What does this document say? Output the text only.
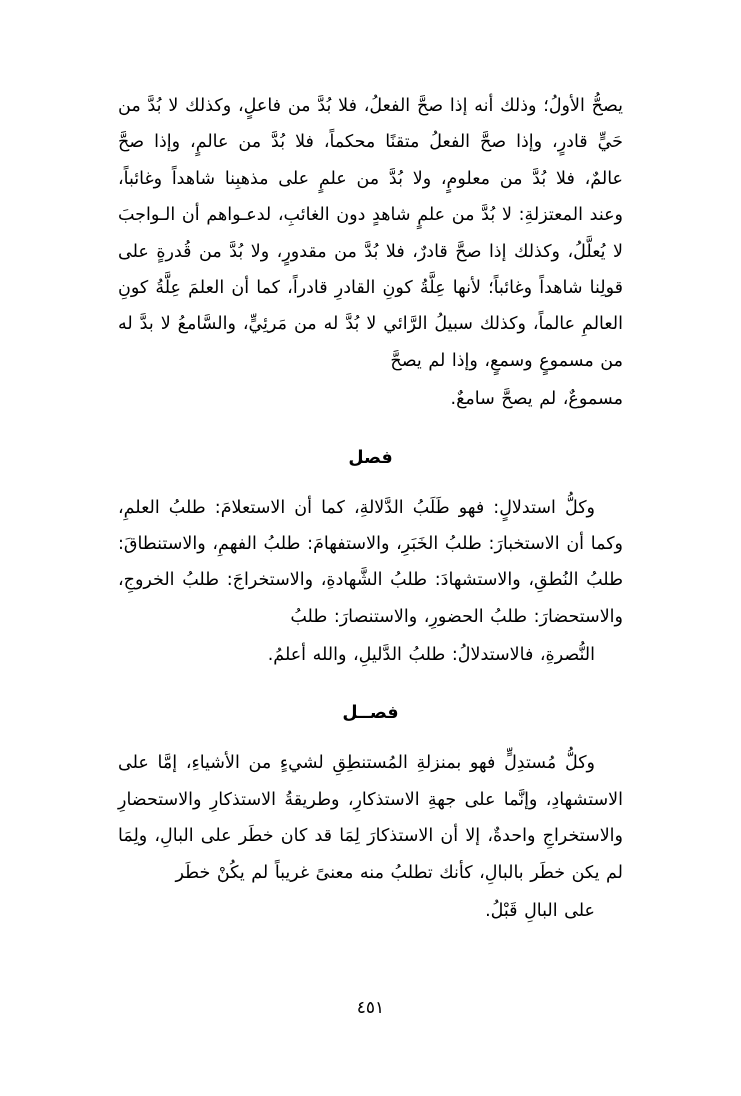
يصحُّ الأولُ؛ وذلك أنه إذا صحَّ الفعلُ، فلا بُدَّ من فاعلٍ، وكذلك لا بُدَّ من حَيٍّ قادرٍ، وإذا صحَّ الفعلُ متقنًا محكماً، فلا بُدَّ من عالمٍ، وإذا صحَّ عالمٌ، فلا بُدَّ من معلومٍ، ولا بُدَّ من علمٍ على مذهبِنا شاهداً وغائباً، وعند المعتزلةِ: لا بُدَّ من علمٍ شاهدٍ دون الغائبِ، لدعـواهم أن الـواجبَ لا يُعلَّلُ، وكذلك إذا صحَّ قادرٌ، فلا بُدَّ من مقدورٍ، ولا بُدَّ من قُدرةٍ على قولِنا شاهداً وغائباً؛ لأنها عِلَّةُ كونِ القادرِ قادراً، كما أن العلمَ عِلَّةُ كونِ العالمِ عالماً، وكذلك سبيلُ الرَّائي لا بُدَّ له من مَرئِيٍّ، والسَّامعُ لا بدَّ له من مسموعٍ وسمعٍ، وإذا لم يصحَّ
مسموعٌ، لم يصحَّ سامعٌ.

فصل

وكلُّ استدلالٍ: فهو طَلَبُ الدَّلالةِ، كما أن الاستعلامَ: طلبُ العلمِ، وكما أن الاستخبارَ: طلبُ الخَبَرِ، والاستفهامَ: طلبُ الفهمِ، والاستنطاقَ: طلبُ النُطقِ، والاستشهادَ: طلبُ الشَّهادةِ، والاستخراجَ: طلبُ الخروجِ، والاستحضارَ: طلبُ الحضورِ، والاستنصارَ: طلبُ
النُّصرةِ، فالاستدلالُ: طلبُ الدَّليلِ، والله أعلمُ.

فصــل

وكلُّ مُستدِلٍّ فهو بمنزلةِ المُستنطِقِ لشيءٍ من الأشياءِ، إمَّا على الاستشهادِ، وإنَّما على جهةِ الاستذكارِ، وطريقةُ الاستذكارِ والاستحضارِ والاستخراجِ واحدةٌ، إلا أن الاستذكارَ لِمَا قد كان خطَر على البالِ، ولِمَا لم يكن خطَر بالبالِ، كأنك تطلبُ منه معنىً غريباً لم يكُنْ خطَر
على البالِ قَبْلُ.

٤٥١
